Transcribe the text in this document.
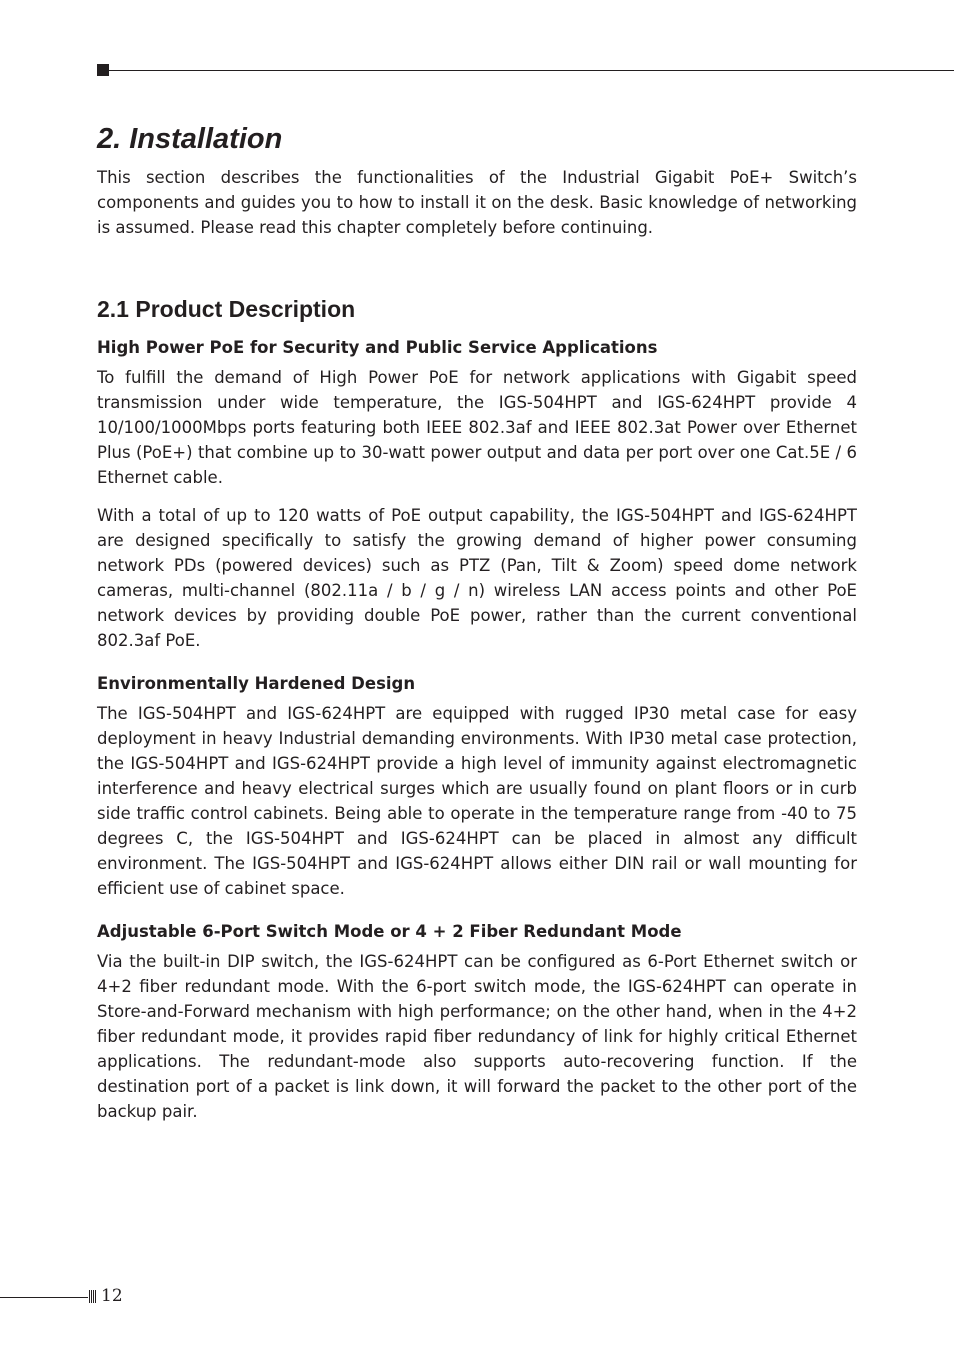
2. Installation

This section describes the functionalities of the Industrial Gigabit PoE+ Switch’s components and guides you to how to install it on the desk. Basic knowledge of networking is assumed. Please read this chapter completely before continuing.

2.1 Product Description
High Power PoE for Security and Public Service Applications

To fulfill the demand of High Power PoE for network applications with Gigabit speed transmission under wide temperature, the IGS-504HPT and IGS-624HPT provide 4 10/100/1000Mbps ports featuring both IEEE 802.3af and IEEE 802.3at Power over Ethernet Plus (PoE+) that combine up to 30-watt power output and data per port over one Cat.5E / 6 Ethernet cable.

With a total of up to 120 watts of PoE output capability, the IGS-504HPT and IGS-624HPT are designed specifically to satisfy the growing demand of higher power consuming network PDs (powered devices) such as PTZ (Pan, Tilt & Zoom) speed dome network cameras, multi-channel (802.11a / b / g / n) wireless LAN access points and other PoE network devices by providing double PoE power, rather than the current conventional 802.3af PoE.

Environmentally Hardened Design

The IGS-504HPT and IGS-624HPT are equipped with rugged IP30 metal case for easy deployment in heavy Industrial demanding environments. With IP30 metal case protection, the IGS-504HPT and IGS-624HPT provide a high level of immunity against electromagnetic interference and heavy electrical surges which are usually found on plant floors or in curb side traffic control cabinets. Being able to operate in the temperature range from -40 to 75 degrees C, the IGS-504HPT and IGS-624HPT can be placed in almost any difficult environment. The IGS-504HPT and IGS-624HPT allows either DIN rail or wall mounting for efficient use of cabinet space.

Adjustable 6-Port Switch Mode or 4 + 2 Fiber Redundant Mode

Via the built-in DIP switch, the IGS-624HPT can be configured as 6-Port Ethernet switch or 4+2 fiber redundant mode. With the 6-port switch mode, the IGS-624HPT can operate in Store-and-Forward mechanism with high performance; on the other hand, when in the 4+2 fiber redundant mode, it provides rapid fiber redundancy of link for highly critical Ethernet applications. The redundant-mode also supports auto-recovering function. If the destination port of a packet is link down, it will forward the packet to the other port of the backup pair.

12
